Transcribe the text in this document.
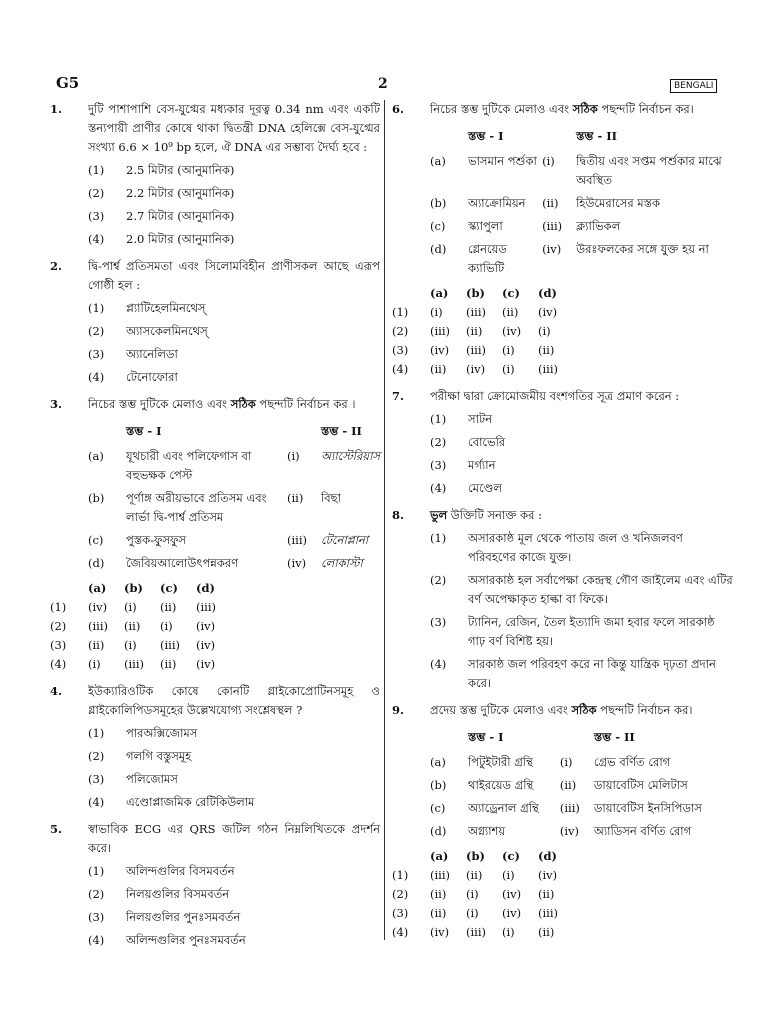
G5	2	BENGALI
1.	দুটি পাশাপাশি বেস-যুগ্মের মধ্যকার দূরত্ব 0.34 nm এবং একটি স্তন্যপায়ী প্রাণীর কোষে থাকা দ্বিতন্ত্রী DNA হেলিক্সে বেস-যুগ্মের সংখ্যা 6.6 × 10⁹ bp হলে, ঐ DNA এর সম্ভাব্য দৈর্ঘ্য হবে :
(1)	2.5 মিটার (আনুমানিক)
(2)	2.2 মিটার (আনুমানিক)
(3)	2.7 মিটার (আনুমানিক)
(4)	2.0 মিটার (আনুমানিক)
2.	দ্বি-পার্শ্ব প্রতিসমতা এবং সিলোমবিহীন প্রাণীসকল আছে এরূপ গোষ্ঠী হল :
(1)	প্ল্যাটিহেলমিনথেস্
(2)	অ্যাসকেলমিনথেস্
(3)	অ্যানেলিডা
(4)	টেনোফোরা
3.	নিচের স্তম্ভ দুটিকে মেলাও এবং সঠিক পছন্দটি নির্বাচন কর ।
	স্তম্ভ - I		স্তম্ভ - II
(a)	যূথচারী এবং পলিফেগাস বা বহুভক্ষক পেস্ট	(i)	অ্যাস্টেরিয়াস
(b)	পূর্ণাঙ্গ অরীয়ভাবে প্রতিসম এবং লার্ভা দ্বি-পার্শ্ব প্রতিসম	(ii)	বিছা
(c)	পুস্তক-ফুসফুস	(iii)	টেনোপ্লানা
(d)	জৈবিয়আলোউৎপন্নকরণ	(iv)	লোকাস্টা
	(a)	(b)	(c)	(d)
(1)	(iv)	(i)	(ii)	(iii)
(2)	(iii)	(ii)	(i)	(iv)
(3)	(ii)	(i)	(iii)	(iv)
(4)	(i)	(iii)	(ii)	(iv)
4.	ইউক্যারিওটিক কোষে কোনটি গ্লাইকোপ্রোটিনসমূহ ও গ্লাইকোলিপিডসমূহের উল্লেখযোগ্য সংশ্লেষস্থল ?
(1)	পারঅক্সিজোমস
(2)	গলগি বস্তুসমূহ
(3)	পলিজোমস
(4)	এণ্ডোপ্লাজমিক রেটিকিউলাম
5.	স্বাভাবিক ECG এর QRS জটিল গঠন নিম্নলিখিতকে প্রদর্শন করে।
(1)	অলিন্দগুলির বিসমবর্তন
(2)	নিলয়গুলির বিসমবর্তন
(3)	নিলয়গুলির পুনঃসমবর্তন
(4)	অলিন্দগুলির পুনঃসমবর্তন
6.	নিচের স্তম্ভ দুটিকে মেলাও এবং সঠিক পছন্দটি নির্বাচন কর।
	স্তম্ভ - I		স্তম্ভ - II
(a)	ভাসমান পর্শুকা	(i)	দ্বিতীয় এবং সপ্তম পর্শুকার মাঝে অবস্থিত
(b)	অ্যাক্রোমিয়ন	(ii)	হিউমেরাসের মস্তক
(c)	স্ক্যাপুলা	(iii)	ক্ল্যাভিকল
(d)	গ্লেনয়েড ক্যাভিটি	(iv)	উরঃফলকের সঙ্গে যুক্ত হয় না
	(a)	(b)	(c)	(d)
(1)	(i)	(iii)	(ii)	(iv)
(2)	(iii)	(ii)	(iv)	(i)
(3)	(iv)	(iii)	(i)	(ii)
(4)	(ii)	(iv)	(i)	(iii)
7.	পরীক্ষা দ্বারা ক্রোমোজমীয় বংশগতির সূত্র প্রমাণ করেন :
(1)	সাটন
(2)	বোভেরি
(3)	মর্গ্যান
(4)	মেণ্ডেল
8.	ভুল উক্তিটি সনাক্ত কর :
(1)	অসারকাষ্ঠ মূল থেকে পাতায় জল ও খনিজলবণ পরিবহণের কাজে যুক্ত।
(2)	অসারকাষ্ঠ হল সর্বাপেক্ষা কেন্দ্রস্থ গৌণ জাইলেম এবং এটির বর্ণ অপেক্ষাকৃত হাল্কা বা ফিকে।
(3)	ট্যানিন, রেজিন, তৈল ইত্যাদি জমা হবার ফলে সারকাষ্ঠ গাঢ় বর্ণ বিশিষ্ট হয়।
(4)	সারকাষ্ঠ জল পরিবহণ করে না কিন্তু যান্ত্রিক দৃঢ়তা প্রদান করে।
9.	প্রদেয় স্তম্ভ দুটিকে মেলাও এবং সঠিক পছন্দটি নির্বাচন কর।
	স্তম্ভ - I		স্তম্ভ - II
(a)	পিটুইটারী গ্রন্থি	(i)	গ্রেভ বর্ণিত রোগ
(b)	থাইরয়েড গ্রন্থি	(ii)	ডায়াবেটিস মেলিটাস
(c)	অ্যাড্রেনাল গ্রন্থি	(iii)	ডায়াবেটিস ইনসিপিডাস
(d)	অগ্ন্যাশয়	(iv)	অ্যাডিসন বর্ণিত রোগ
	(a)	(b)	(c)	(d)
(1)	(iii)	(ii)	(i)	(iv)
(2)	(ii)	(i)	(iv)	(ii)
(3)	(ii)	(i)	(iv)	(iii)
(4)	(iv)	(iii)	(i)	(ii)
